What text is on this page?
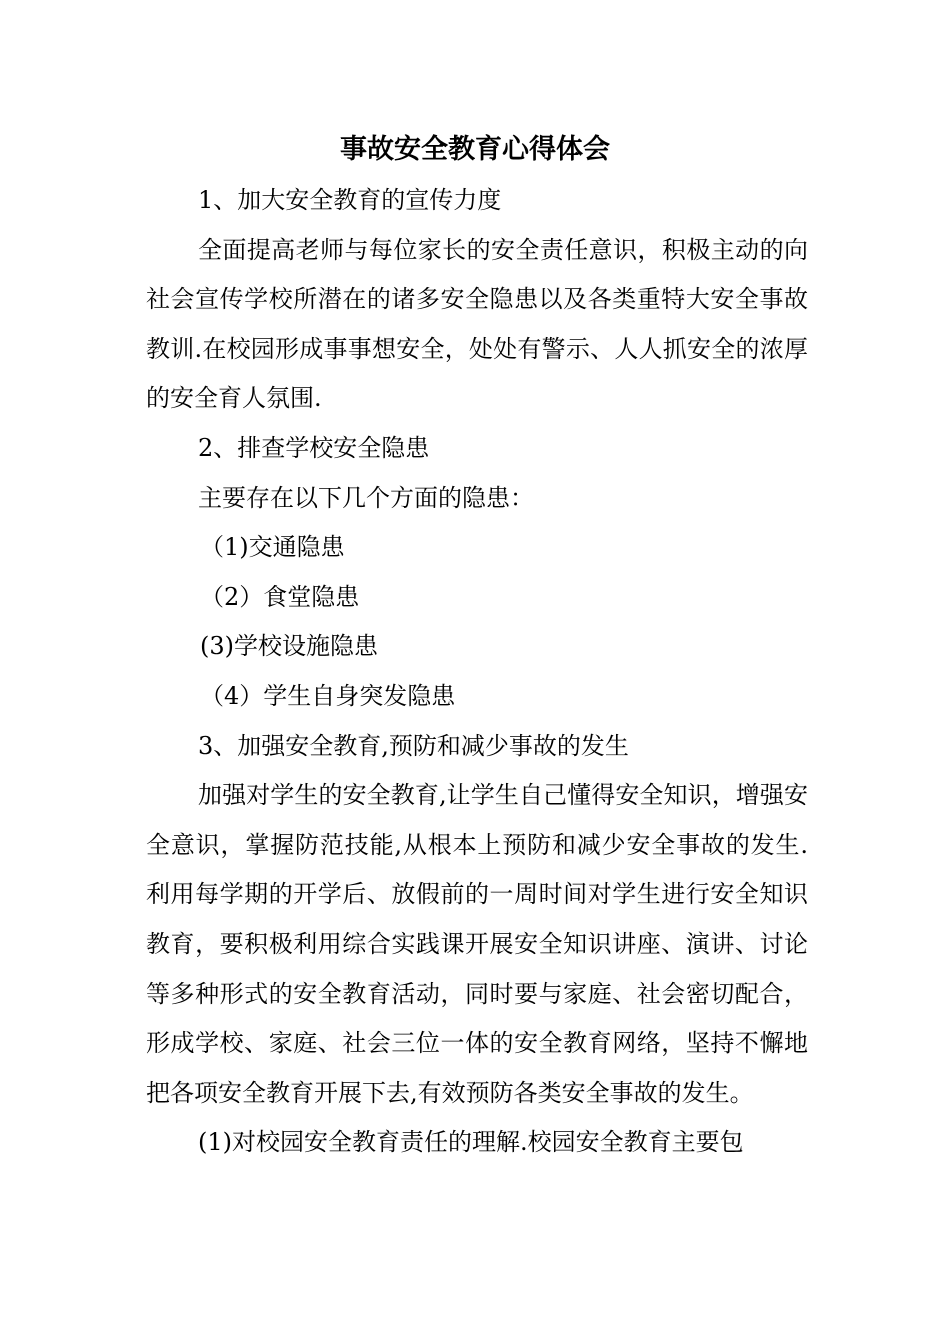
事故安全教育心得体会

1、加大安全教育的宣传力度

全面提高老师与每位家长的安全责任意识，积极主动的向社会宣传学校所潜在的诸多安全隐患以及各类重特大安全事故教训.在校园形成事事想安全，处处有警示、人人抓安全的浓厚的安全育人氛围.

2、排查学校安全隐患

主要存在以下几个方面的隐患：

（1)交通隐患

（2）食堂隐患

(3)学校设施隐患

（4）学生自身突发隐患

3、加强安全教育,预防和减少事故的发生

加强对学生的安全教育,让学生自己懂得安全知识，增强安全意识，掌握防范技能,从根本上预防和减少安全事故的发生.利用每学期的开学后、放假前的一周时间对学生进行安全知识教育，要积极利用综合实践课开展安全知识讲座、演讲、讨论等多种形式的安全教育活动，同时要与家庭、社会密切配合，形成学校、家庭、社会三位一体的安全教育网络，坚持不懈地把各项安全教育开展下去,有效预防各类安全事故的发生。

(1)对校园安全教育责任的理解.校园安全教育主要包
